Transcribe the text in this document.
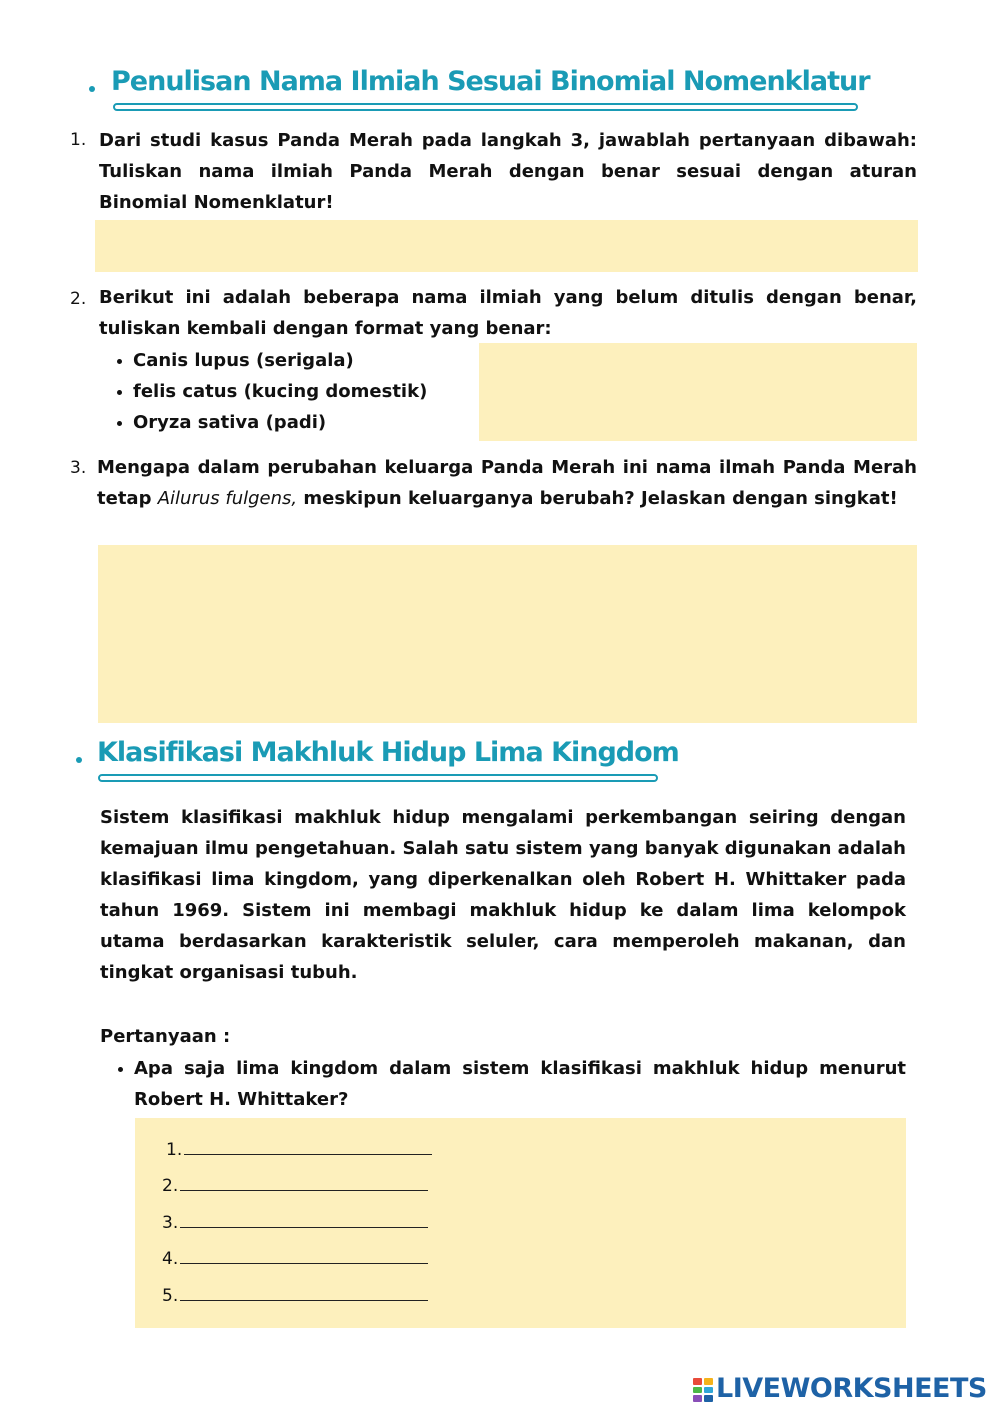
Penulisan Nama Ilmiah Sesuai Binomial Nomenklatur
1. Dari studi kasus Panda Merah pada langkah 3, jawablah pertanyaan dibawah: Tuliskan nama ilmiah Panda Merah dengan benar sesuai dengan aturan Binomial Nomenklatur!
2. Berikut ini adalah beberapa nama ilmiah yang belum ditulis dengan benar, tuliskan kembali dengan format yang benar:
Canis lupus (serigala)
felis catus (kucing domestik)
Oryza sativa (padi)
3. Mengapa dalam perubahan keluarga Panda Merah ini nama ilmah Panda Merah tetap Ailurus fulgens, meskipun keluarganya berubah? Jelaskan dengan singkat!
Klasifikasi Makhluk Hidup Lima Kingdom
Sistem klasifikasi makhluk hidup mengalami perkembangan seiring dengan kemajuan ilmu pengetahuan. Salah satu sistem yang banyak digunakan adalah klasifikasi lima kingdom, yang diperkenalkan oleh Robert H. Whittaker pada tahun 1969. Sistem ini membagi makhluk hidup ke dalam lima kelompok utama berdasarkan karakteristik seluler, cara memperoleh makanan, dan tingkat organisasi tubuh.
Pertanyaan :
Apa saja lima kingdom dalam sistem klasifikasi makhluk hidup menurut Robert H. Whittaker?
1.
2.
3.
4.
5.
LIVEWORKSHEETS
